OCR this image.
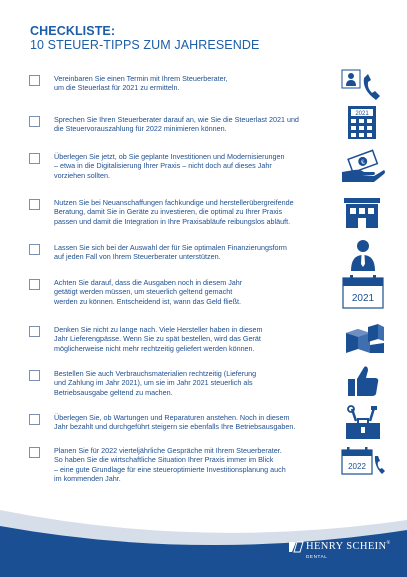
CHECKLISTE:
10 STEUER-TIPPS ZUM JAHRESENDE
Vereinbaren Sie einen Termin mit Ihrem Steuerberater,
um die Steuerlast für 2021 zu ermitteln.
Sprechen Sie Ihren Steuerberater darauf an, wie Sie die Steuerlast 2021 und
die Steuervorauszahlung für 2022 minimieren können.
2021
Überlegen Sie jetzt, ob Sie geplante Investitionen und Modernisierungen
– etwa in die Digitalisierung Ihrer Praxis – nicht doch auf dieses Jahr
vorziehen sollten.
€
Nutzen Sie bei Neuanschaffungen fachkundige und herstellerübergreifende
Beratung, damit Sie in Geräte zu investieren, die optimal zu Ihrer Praxis
passen und damit die Integration in Ihre Praxisabläufe reibungslos abläuft.
Lassen Sie sich bei der Auswahl der für Sie optimalen Finanzierungsform
auf jeden Fall von Ihrem Steuerberater unterstützen.
Achten Sie darauf, dass die Ausgaben noch in diesem Jahr
getätigt werden müssen, um steuerlich geltend gemacht
werden zu können. Entscheidend ist, wann das Geld fließt.	2021
Denken Sie nicht zu lange nach. Viele Hersteller haben in diesem
Jahr Lieferengpässe. Wenn Sie zu spät bestellen, wird das Gerät
möglicherweise nicht mehr rechtzeitig geliefert werden können.
Bestellen Sie auch Verbrauchsmaterialien rechtzeitig (Lieferung
und Zahlung im Jahr 2021), um sie im Jahr 2021 steuerlich als
Betriebsausgabe geltend zu machen.
Überlegen Sie, ob Wartungen und Reparaturen anstehen. Noch in diesem
Jahr bezahlt und durchgeführt steigern sie ebenfalls Ihre Betriebsausgaben.
Planen Sie für 2022 vierteljährliche Gespräche mit Ihrem Steuerberater.
So haben Sie die wirtschaftliche Situation Ihrer Praxis immer im Blick
– eine gute Grundlage für eine steueroptimierte Investitionsplanung auch
im kommenden Jahr.
2022
HENRY SCHEIN®
DENTAL
